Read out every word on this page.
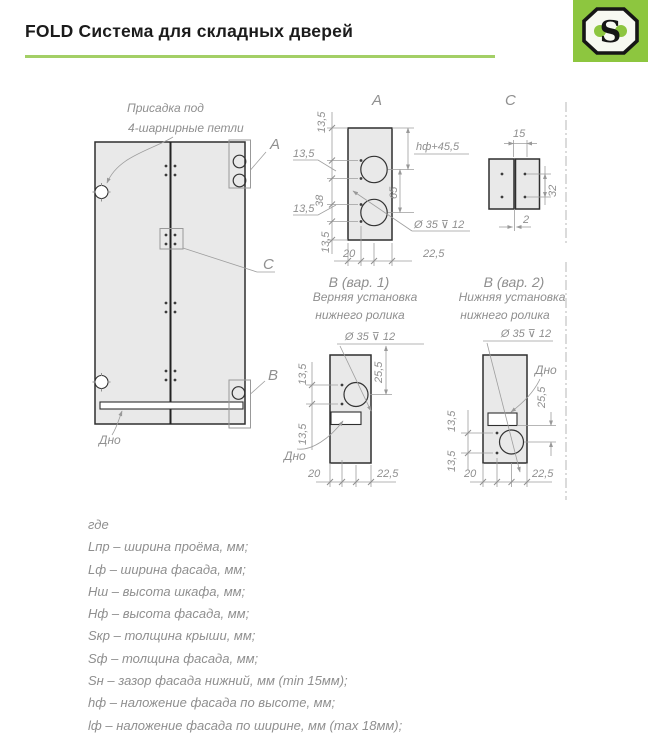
A
C
B
Присадка под
4-шарнирные петли
Дно
A
13,5
13,5
38
13,5
13,5
20	22,5
hф+45,5
65
Ø 35 ⊽ 12
C
15
32
2
B (вар. 1)
Верняя установка
нижнего ролика
Ø 35 ⊽ 12
13,5
13,5
25,5
20	22,5
Дно
B (вар. 2)
Нижняя установка
нижнего ролика
Ø 35 ⊽ 12
13,5
13,5
25,5
20	22,5
Дно
FOLD Система для складных дверей	S
где
Lпр – ширина проёма, мм;
Lф – ширина фасада, мм;
Нш – высота шкафа, мм;
Нф – высота фасада, мм;
Sкр – толщина крыши, мм;
Sф – толщина фасада, мм;
Sн – зазор фасада нижний, мм (min 15мм);
hф – наложение фасада по высоте, мм;
lф – наложение фасада по ширине, мм (max 18мм);
